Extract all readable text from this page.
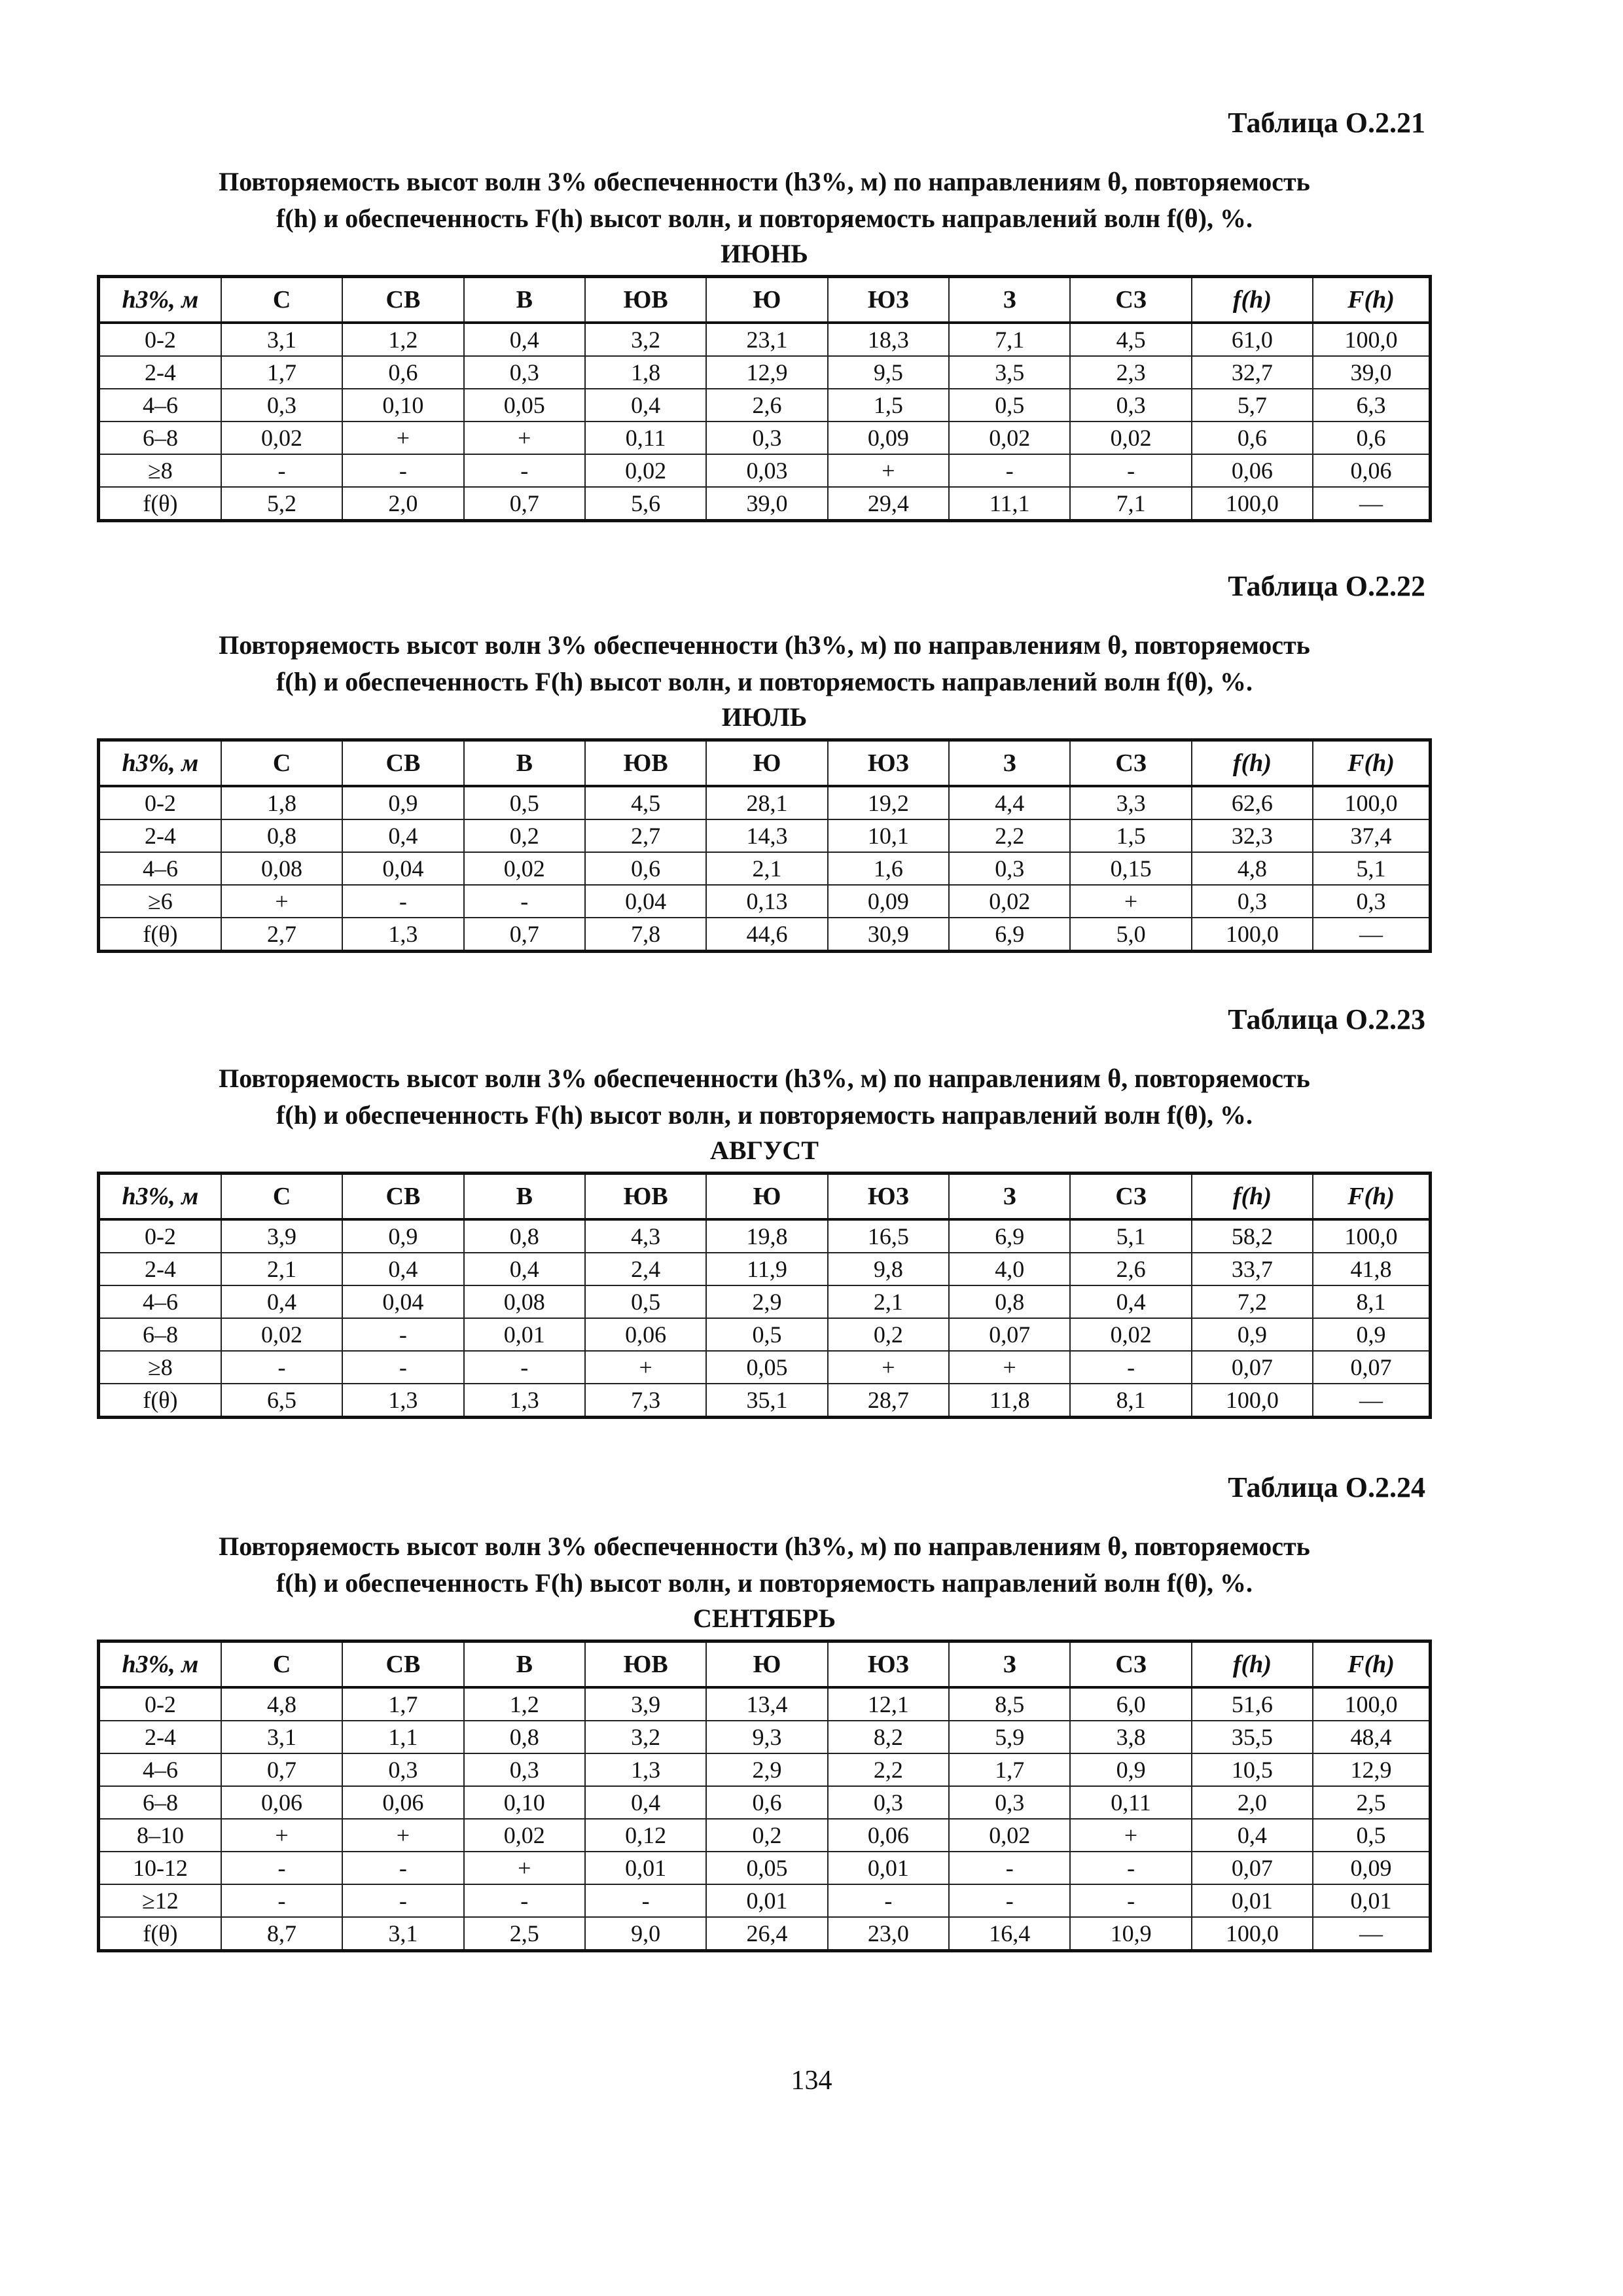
Таблица О.2.21

Повторяемость высот волн 3% обеспеченности (h3%, м) по направлениям θ, повторяемость
f(h) и обеспеченность F(h) высот волн, и повторяемость направлений волн f(θ), %.

ИЮНЬ

h3%, м	С	СВ	В	ЮВ	Ю	ЮЗ	З	СЗ	f(h)	F(h)
0-2	3,1	1,2	0,4	3,2	23,1	18,3	7,1	4,5	61,0	100,0
2-4	1,7	0,6	0,3	1,8	12,9	9,5	3,5	2,3	32,7	39,0
4–6	0,3	0,10	0,05	0,4	2,6	1,5	0,5	0,3	5,7	6,3
6–8	0,02	+	+	0,11	0,3	0,09	0,02	0,02	0,6	0,6
≥8	-	-	-	0,02	0,03	+	-	-	0,06	0,06
f(θ)	5,2	2,0	0,7	5,6	39,0	29,4	11,1	7,1	100,0	—

Таблица О.2.22

Повторяемость высот волн 3% обеспеченности (h3%, м) по направлениям θ, повторяемость
f(h) и обеспеченность F(h) высот волн, и повторяемость направлений волн f(θ), %.

ИЮЛЬ

h3%, м	С	СВ	В	ЮВ	Ю	ЮЗ	З	СЗ	f(h)	F(h)
0-2	1,8	0,9	0,5	4,5	28,1	19,2	4,4	3,3	62,6	100,0
2-4	0,8	0,4	0,2	2,7	14,3	10,1	2,2	1,5	32,3	37,4
4–6	0,08	0,04	0,02	0,6	2,1	1,6	0,3	0,15	4,8	5,1
≥6	+	-	-	0,04	0,13	0,09	0,02	+	0,3	0,3
f(θ)	2,7	1,3	0,7	7,8	44,6	30,9	6,9	5,0	100,0	—

Таблица О.2.23

Повторяемость высот волн 3% обеспеченности (h3%, м) по направлениям θ, повторяемость
f(h) и обеспеченность F(h) высот волн, и повторяемость направлений волн f(θ), %.

АВГУСТ

h3%, м	С	СВ	В	ЮВ	Ю	ЮЗ	З	СЗ	f(h)	F(h)
0-2	3,9	0,9	0,8	4,3	19,8	16,5	6,9	5,1	58,2	100,0
2-4	2,1	0,4	0,4	2,4	11,9	9,8	4,0	2,6	33,7	41,8
4–6	0,4	0,04	0,08	0,5	2,9	2,1	0,8	0,4	7,2	8,1
6–8	0,02	-	0,01	0,06	0,5	0,2	0,07	0,02	0,9	0,9
≥8	-	-	-	+	0,05	+	+	-	0,07	0,07
f(θ)	6,5	1,3	1,3	7,3	35,1	28,7	11,8	8,1	100,0	—

Таблица О.2.24

Повторяемость высот волн 3% обеспеченности (h3%, м) по направлениям θ, повторяемость
f(h) и обеспеченность F(h) высот волн, и повторяемость направлений волн f(θ), %.

СЕНТЯБРЬ

h3%, м	С	СВ	В	ЮВ	Ю	ЮЗ	З	СЗ	f(h)	F(h)
0-2	4,8	1,7	1,2	3,9	13,4	12,1	8,5	6,0	51,6	100,0
2-4	3,1	1,1	0,8	3,2	9,3	8,2	5,9	3,8	35,5	48,4
4–6	0,7	0,3	0,3	1,3	2,9	2,2	1,7	0,9	10,5	12,9
6–8	0,06	0,06	0,10	0,4	0,6	0,3	0,3	0,11	2,0	2,5
8–10	+	+	0,02	0,12	0,2	0,06	0,02	+	0,4	0,5
10-12	-	-	+	0,01	0,05	0,01	-	-	0,07	0,09
≥12	-	-	-	-	0,01	-	-	-	0,01	0,01
f(θ)	8,7	3,1	2,5	9,0	26,4	23,0	16,4	10,9	100,0	—
134
